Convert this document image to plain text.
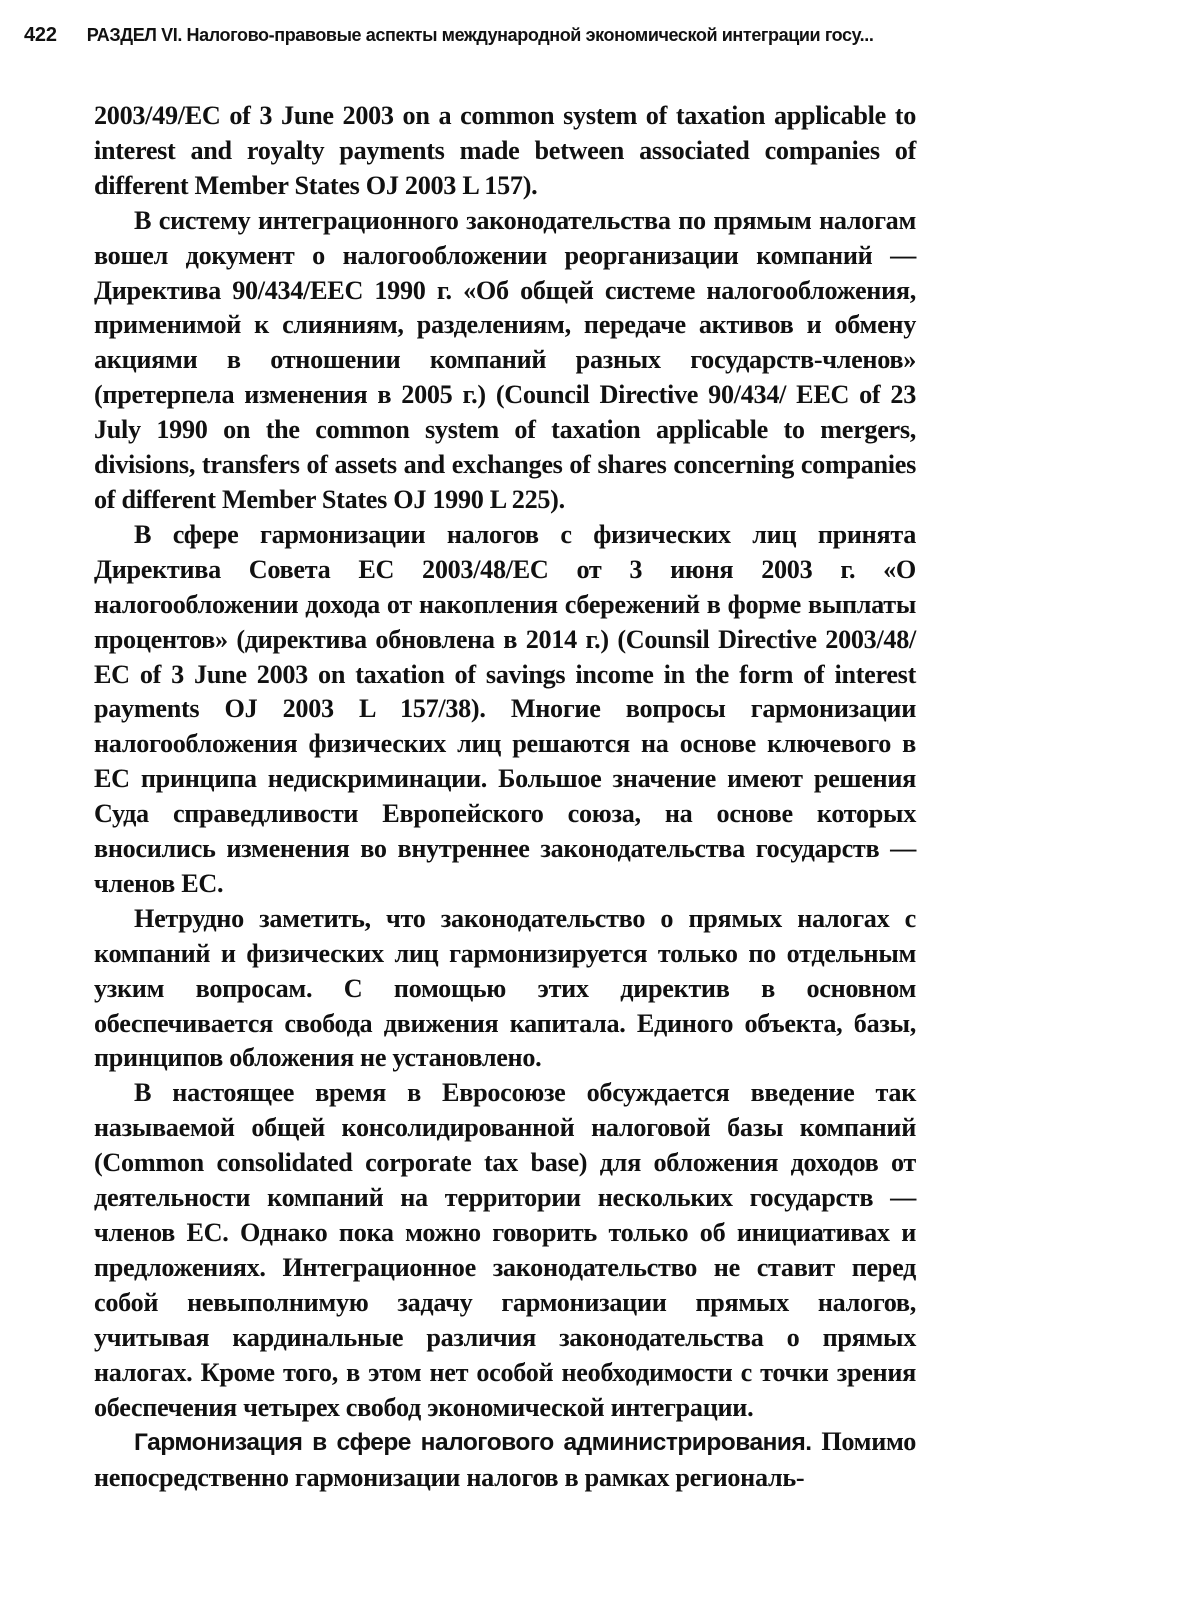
422 РАЗДЕЛ VI. Налогово-правовые аспекты международной экономической интеграции госу...

2003/49/EC of 3 June 2003 on a common system of taxation applicable to interest and royalty payments made between associated companies of different Member States OJ 2003 L 157).

В систему интеграционного законодательства по прямым налогам вошел документ о налогообложении реорганизации компаний — Директива 90/434/EEC 1990 г. «Об общей системе налогообложения, применимой к слияниям, разделениям, передаче активов и обмену акциями в отношении компаний разных государств-членов» (претерпела изменения в 2005 г.) (Council Directive 90/434/ EEC of 23 July 1990 on the common system of taxation applicable to mergers, divisions, transfers of assets and exchanges of shares concerning companies of different Member States OJ 1990 L 225).

В сфере гармонизации налогов с физических лиц принята Директива Совета ЕС 2003/48/ЕС от 3 июня 2003 г. «О налогообложении дохода от накопления сбережений в форме выплаты процентов» (директива обновлена в 2014 г.) (Counsil Directive 2003/48/ EC of 3 June 2003 on taxation of savings income in the form of interest payments OJ 2003 L 157/38). Многие вопросы гармонизации налогообложения физических лиц решаются на основе ключевого в ЕС принципа недискриминации. Большое значение имеют решения Суда справедливости Европейского союза, на основе которых вносились изменения во внутреннее законодательства государств — членов ЕС.

Нетрудно заметить, что законодательство о прямых налогах с компаний и физических лиц гармонизируется только по отдельным узким вопросам. С помощью этих директив в основном обеспечивается свобода движения капитала. Единого объекта, базы, принципов обложения не установлено.

В настоящее время в Евросоюзе обсуждается введение так называемой общей консолидированной налоговой базы компаний (Common consolidated corporate tax base) для обложения доходов от деятельности компаний на территории нескольких государств — членов ЕС. Однако пока можно говорить только об инициативах и предложениях. Интеграционное законодательство не ставит перед собой невыполнимую задачу гармонизации прямых налогов, учитывая кардинальные различия законодательства о прямых налогах. Кроме того, в этом нет особой необходимости с точки зрения обеспечения четырех свобод экономической интеграции.

Гармонизация в сфере налогового администрирования. Помимо непосредственно гармонизации налогов в рамках региональ-
